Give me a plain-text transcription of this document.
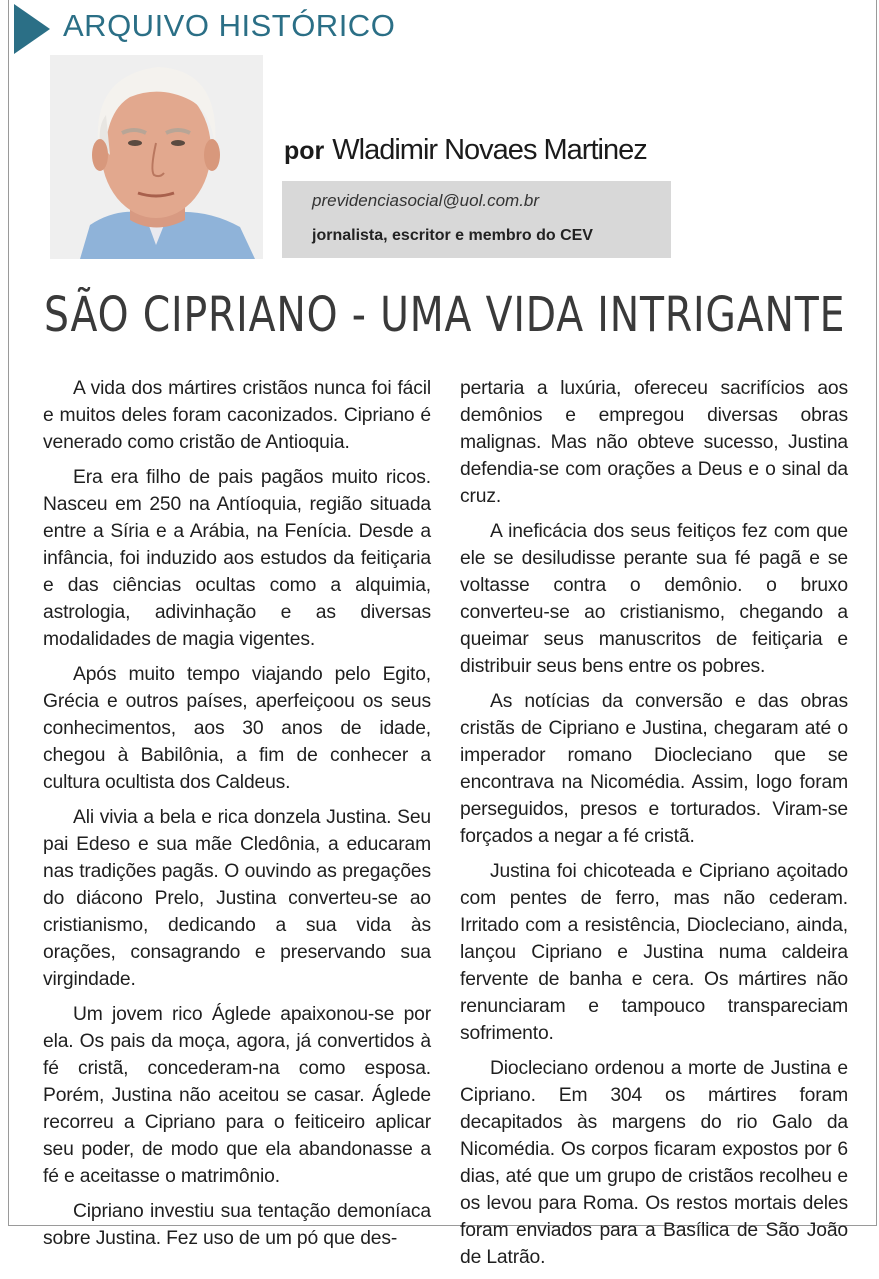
ARQUIVO HISTÓRICO
por Wladimir Novaes Martinez
previdenciasocial@uol.com.br
jornalista, escritor e membro do CEV
SÃO CIPRIANO - UMA VIDA INTRIGANTE

A vida dos mártires cristãos nunca foi fácil e muitos deles foram caconizados. Cipriano é venerado como cristão de Antioquia.

Era era filho de pais pagãos muito ricos. Nasceu em 250 na Antíoquia, região situada entre a Síria e a Arábia, na Fenícia. Desde a infância, foi induzido aos estudos da feitiçaria e das ciências ocultas como a alquimia, astrologia, adivinhação e as diversas modalidades de magia vigentes.

Após muito tempo viajando pelo Egito, Grécia e outros países, aperfeiçoou os seus conhecimentos, aos 30 anos de idade, chegou à Babilônia, a fim de conhecer a cultura ocultista dos Caldeus.

Ali vivia a bela e rica donzela Justina. Seu pai Edeso e sua mãe Cledônia, a educaram nas tradições pagãs. O ouvindo as pregações do diácono Prelo, Justina converteu-se ao cristianismo, dedicando a sua vida às orações, consagrando e preservando sua virgindade.

Um jovem rico Áglede apaixonou-se por ela. Os pais da moça, agora, já convertidos à fé cristã, concederam-na como esposa. Porém, Justina não aceitou se casar. Áglede recorreu a Cipriano para o feiticeiro aplicar seu poder, de modo que ela abandonasse a fé e aceitasse o matrimônio.

Cipriano investiu sua tentação demoníaca sobre Justina. Fez uso de um pó que des-

pertaria a luxúria, ofereceu sacrifícios aos demônios e empregou diversas obras malignas. Mas não obteve sucesso, Justina defendia-se com orações a Deus e o sinal da cruz.

A ineficácia dos seus feitiços fez com que ele se desiludisse perante sua fé pagã e se voltasse contra o demônio. o bruxo converteu-se ao cristianismo, chegando a queimar seus manuscritos de feitiçaria e distribuir seus bens entre os pobres.

As notícias da conversão e das obras cristãs de Cipriano e Justina, chegaram até o imperador romano Diocleciano que se encontrava na Nicomédia. Assim, logo foram perseguidos, presos e torturados. Viram-se forçados a negar a fé cristã.

Justina foi chicoteada e Cipriano açoitado com pentes de ferro, mas não cederam. Irritado com a resistência, Diocleciano, ainda, lançou Cipriano e Justina numa caldeira fervente de banha e cera. Os mártires não renunciaram e tampouco transpareciam sofrimento.

Diocleciano ordenou a morte de Justina e Cipriano. Em 304 os mártires foram decapitados às margens do rio Galo da Nicomédia. Os corpos ficaram expostos por 6 dias, até que um grupo de cristãos recolheu e os levou para Roma. Os restos mortais deles foram enviados para a Basílica de São João de Latrão.
